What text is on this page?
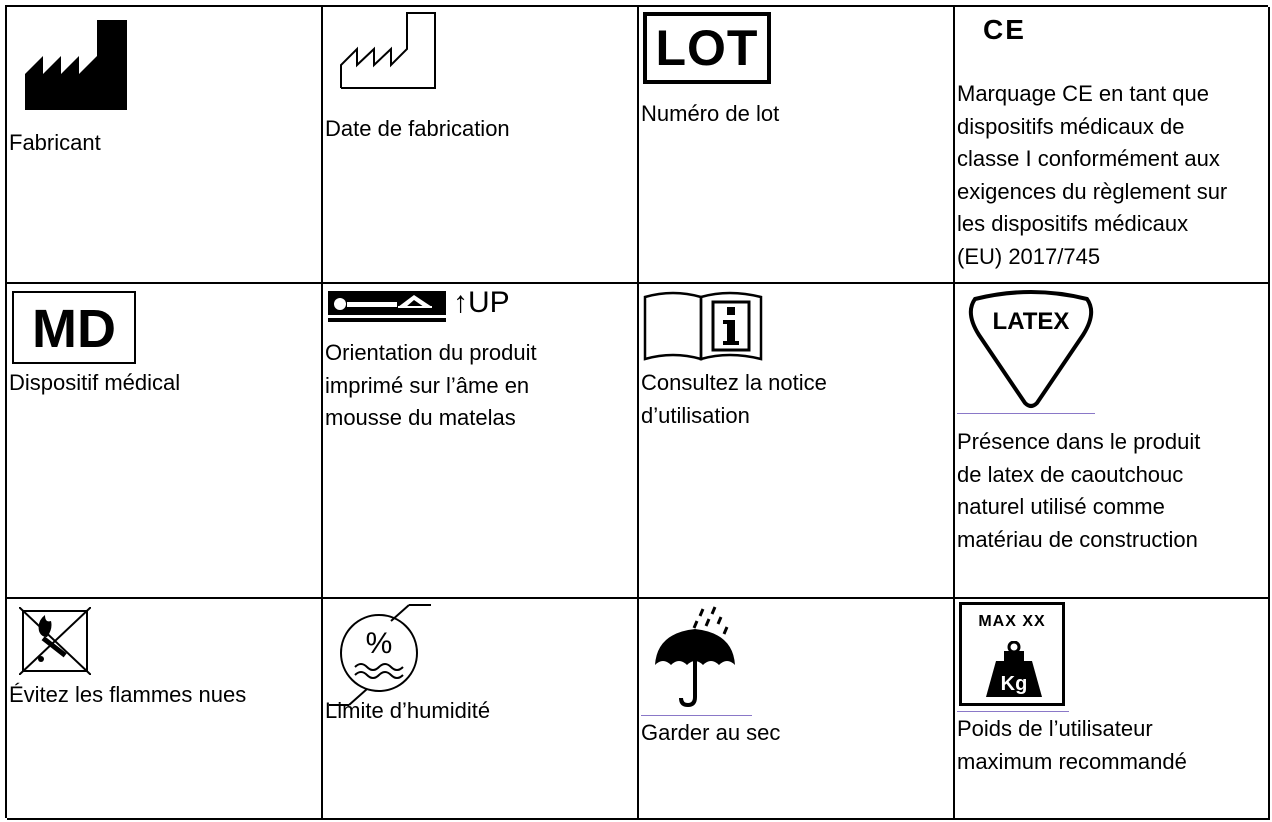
Fabricant
Date de fabrication
LOT
Numéro de lot
CE
Marquage CE en tant que
dispositifs médicaux de
classe I conformément aux
exigences du règlement sur
les dispositifs médicaux
(EU) 2017/745
MD
Dispositif médical
↑UP
Orientation du produit
imprimé sur l’âme en
mousse du matelas
Consultez la notice
d’utilisation
LATEX
Présence dans le produit
de latex de caoutchouc
naturel utilisé comme
matériau de construction
Évitez les flammes nues
%
Limite d’humidité
Garder au sec
MAX XX
Kg
Poids de l’utilisateur
maximum recommandé
